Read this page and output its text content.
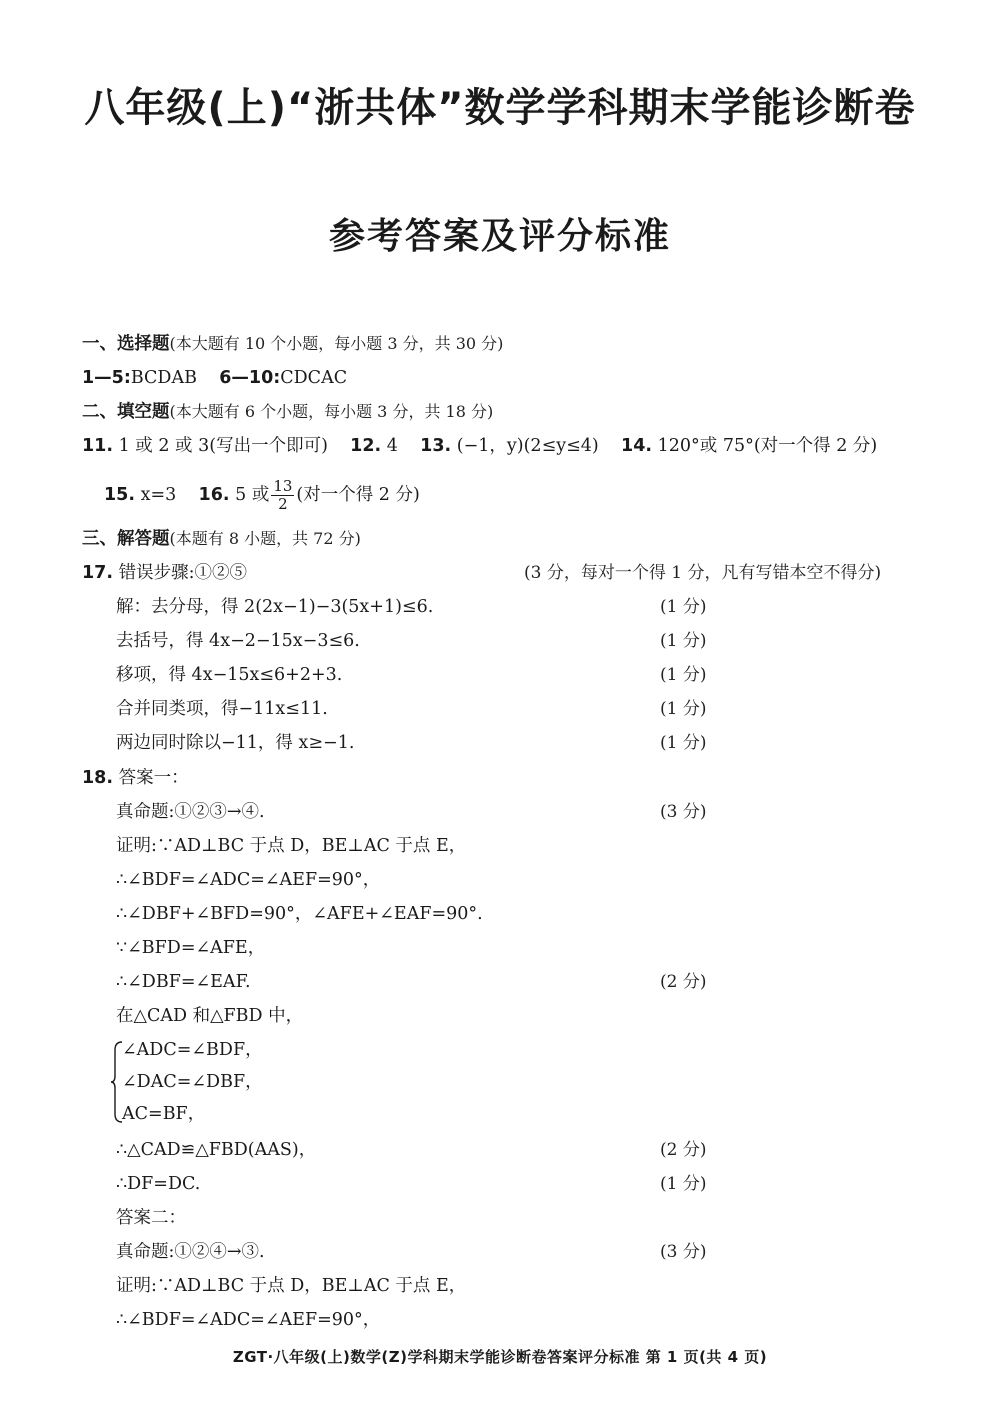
八年级(上)“浙共体”数学学科期末学能诊断卷
参考答案及评分标准
一、选择题(本大题有 10 个小题，每小题 3 分，共 30 分)
1—5:BCDAB 6—10:CDCAC
二、填空题(本大题有 6 个小题，每小题 3 分，共 18 分)
11. 1 或 2 或 3(写出一个即可) 12. 4 13. (−1，y)(2≤y≤4) 14. 120°或 75°(对一个得 2 分)
15. x=3 16. 5 或 $\frac{13}{2}$ (对一个得 2 分)
三、解答题(本题有 8 小题，共 72 分)
17. 错误步骤:①②⑤	(3 分，每对一个得 1 分，凡有写错本空不得分)
解：去分母，得 2(2x−1)−3(5x+1)≤6.	(1 分)
去括号，得 4x−2−15x−3≤6.	(1 分)
移项，得 4x−15x≤6+2+3.	(1 分)
合并同类项，得−11x≤11.	(1 分)
两边同时除以−11，得 x≥−1.	(1 分)
18. 答案一：
真命题:①②③→④.	(3 分)
证明:∵AD⊥BC 于点 D，BE⊥AC 于点 E，
∴∠BDF=∠ADC=∠AEF=90°，
∴∠DBF+∠BFD=90°，∠AFE+∠EAF=90°.
∵∠BFD=∠AFE，
∴∠DBF=∠EAF.	(2 分)
在△CAD 和△FBD 中，
∠ADC=∠BDF，
∠DAC=∠DBF，
AC=BF，
∴△CAD≌△FBD(AAS)，	(2 分)
∴DF=DC.	(1 分)
答案二：
真命题:①②④→③.	(3 分)
证明:∵AD⊥BC 于点 D，BE⊥AC 于点 E，
∴∠BDF=∠ADC=∠AEF=90°，
ZGT·八年级(上)数学(Z)学科期末学能诊断卷答案评分标准 第 1 页(共 4 页)
